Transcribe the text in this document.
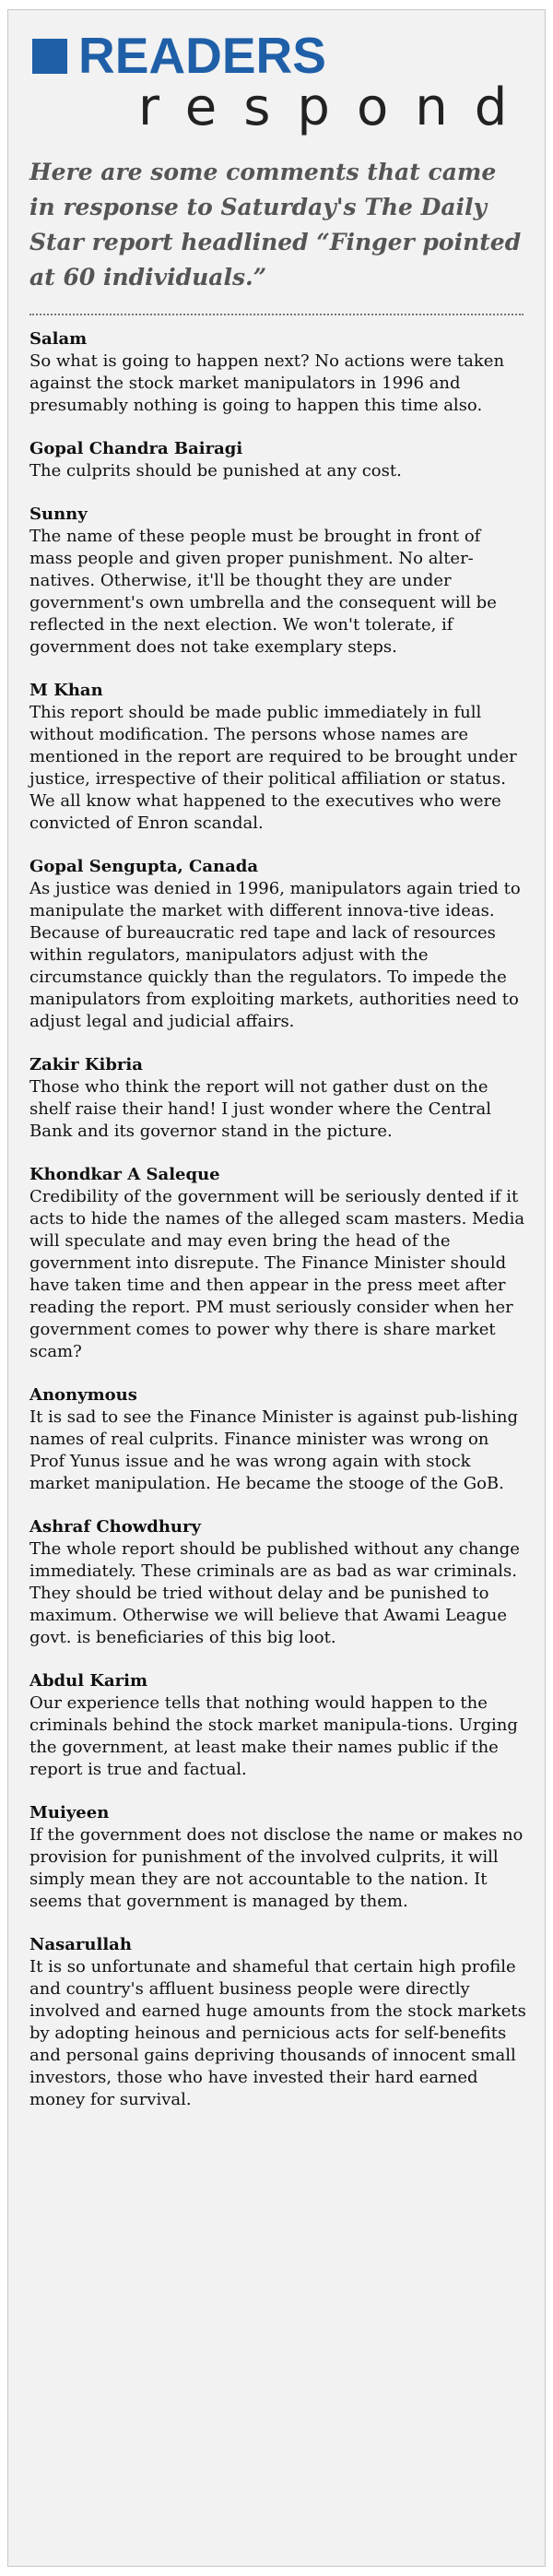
READERS
respond

Here are some comments that came in response to Saturday's The Daily Star report headlined “Finger pointed at 60 individuals.”

Salam

So what is going to happen next? No actions were taken against the stock market manipulators in 1996 and presumably nothing is going to happen this time also.

Gopal Chandra Bairagi

The culprits should be punished at any cost.

Sunny

The name of these people must be brought in front of mass people and given proper punishment. No alter-natives. Otherwise, it'll be thought they are under government's own umbrella and the consequent will be reflected in the next election. We won't tolerate, if government does not take exemplary steps.

M Khan

This report should be made public immediately in full without modification. The persons whose names are mentioned in the report are required to be brought under justice, irrespective of their political affiliation or status. We all know what happened to the executives who were convicted of Enron scandal.

Gopal Sengupta, Canada

As justice was denied in 1996, manipulators again tried to manipulate the market with different innova-tive ideas. Because of bureaucratic red tape and lack of resources within regulators, manipulators adjust with the circumstance quickly than the regulators. To impede the manipulators from exploiting markets, authorities need to adjust legal and judicial affairs.

Zakir Kibria

Those who think the report will not gather dust on the shelf raise their hand! I just wonder where the Central Bank and its governor stand in the picture.

Khondkar A Saleque

Credibility of the government will be seriously dented if it acts to hide the names of the alleged scam masters. Media will speculate and may even bring the head of the government into disrepute. The Finance Minister should have taken time and then appear in the press meet after reading the report. PM must seriously consider when her government comes to power why there is share market scam?

Anonymous

It is sad to see the Finance Minister is against pub-lishing names of real culprits. Finance minister was wrong on Prof Yunus issue and he was wrong again with stock market manipulation. He became the stooge of the GoB.

Ashraf Chowdhury

The whole report should be published without any change immediately. These criminals are as bad as war criminals. They should be tried without delay and be punished to maximum. Otherwise we will believe that Awami League govt. is beneficiaries of this big loot.

Abdul Karim

Our experience tells that nothing would happen to the criminals behind the stock market manipula-tions. Urging the government, at least make their names public if the report is true and factual.

Muiyeen

If the government does not disclose the name or makes no provision for punishment of the involved culprits, it will simply mean they are not accountable to the nation. It seems that government is managed by them.

Nasarullah

It is so unfortunate and shameful that certain high profile and country's affluent business people were directly involved and earned huge amounts from the stock markets by adopting heinous and pernicious acts for self-benefits and personal gains depriving thousands of innocent small investors, those who have invested their hard earned money for survival.
